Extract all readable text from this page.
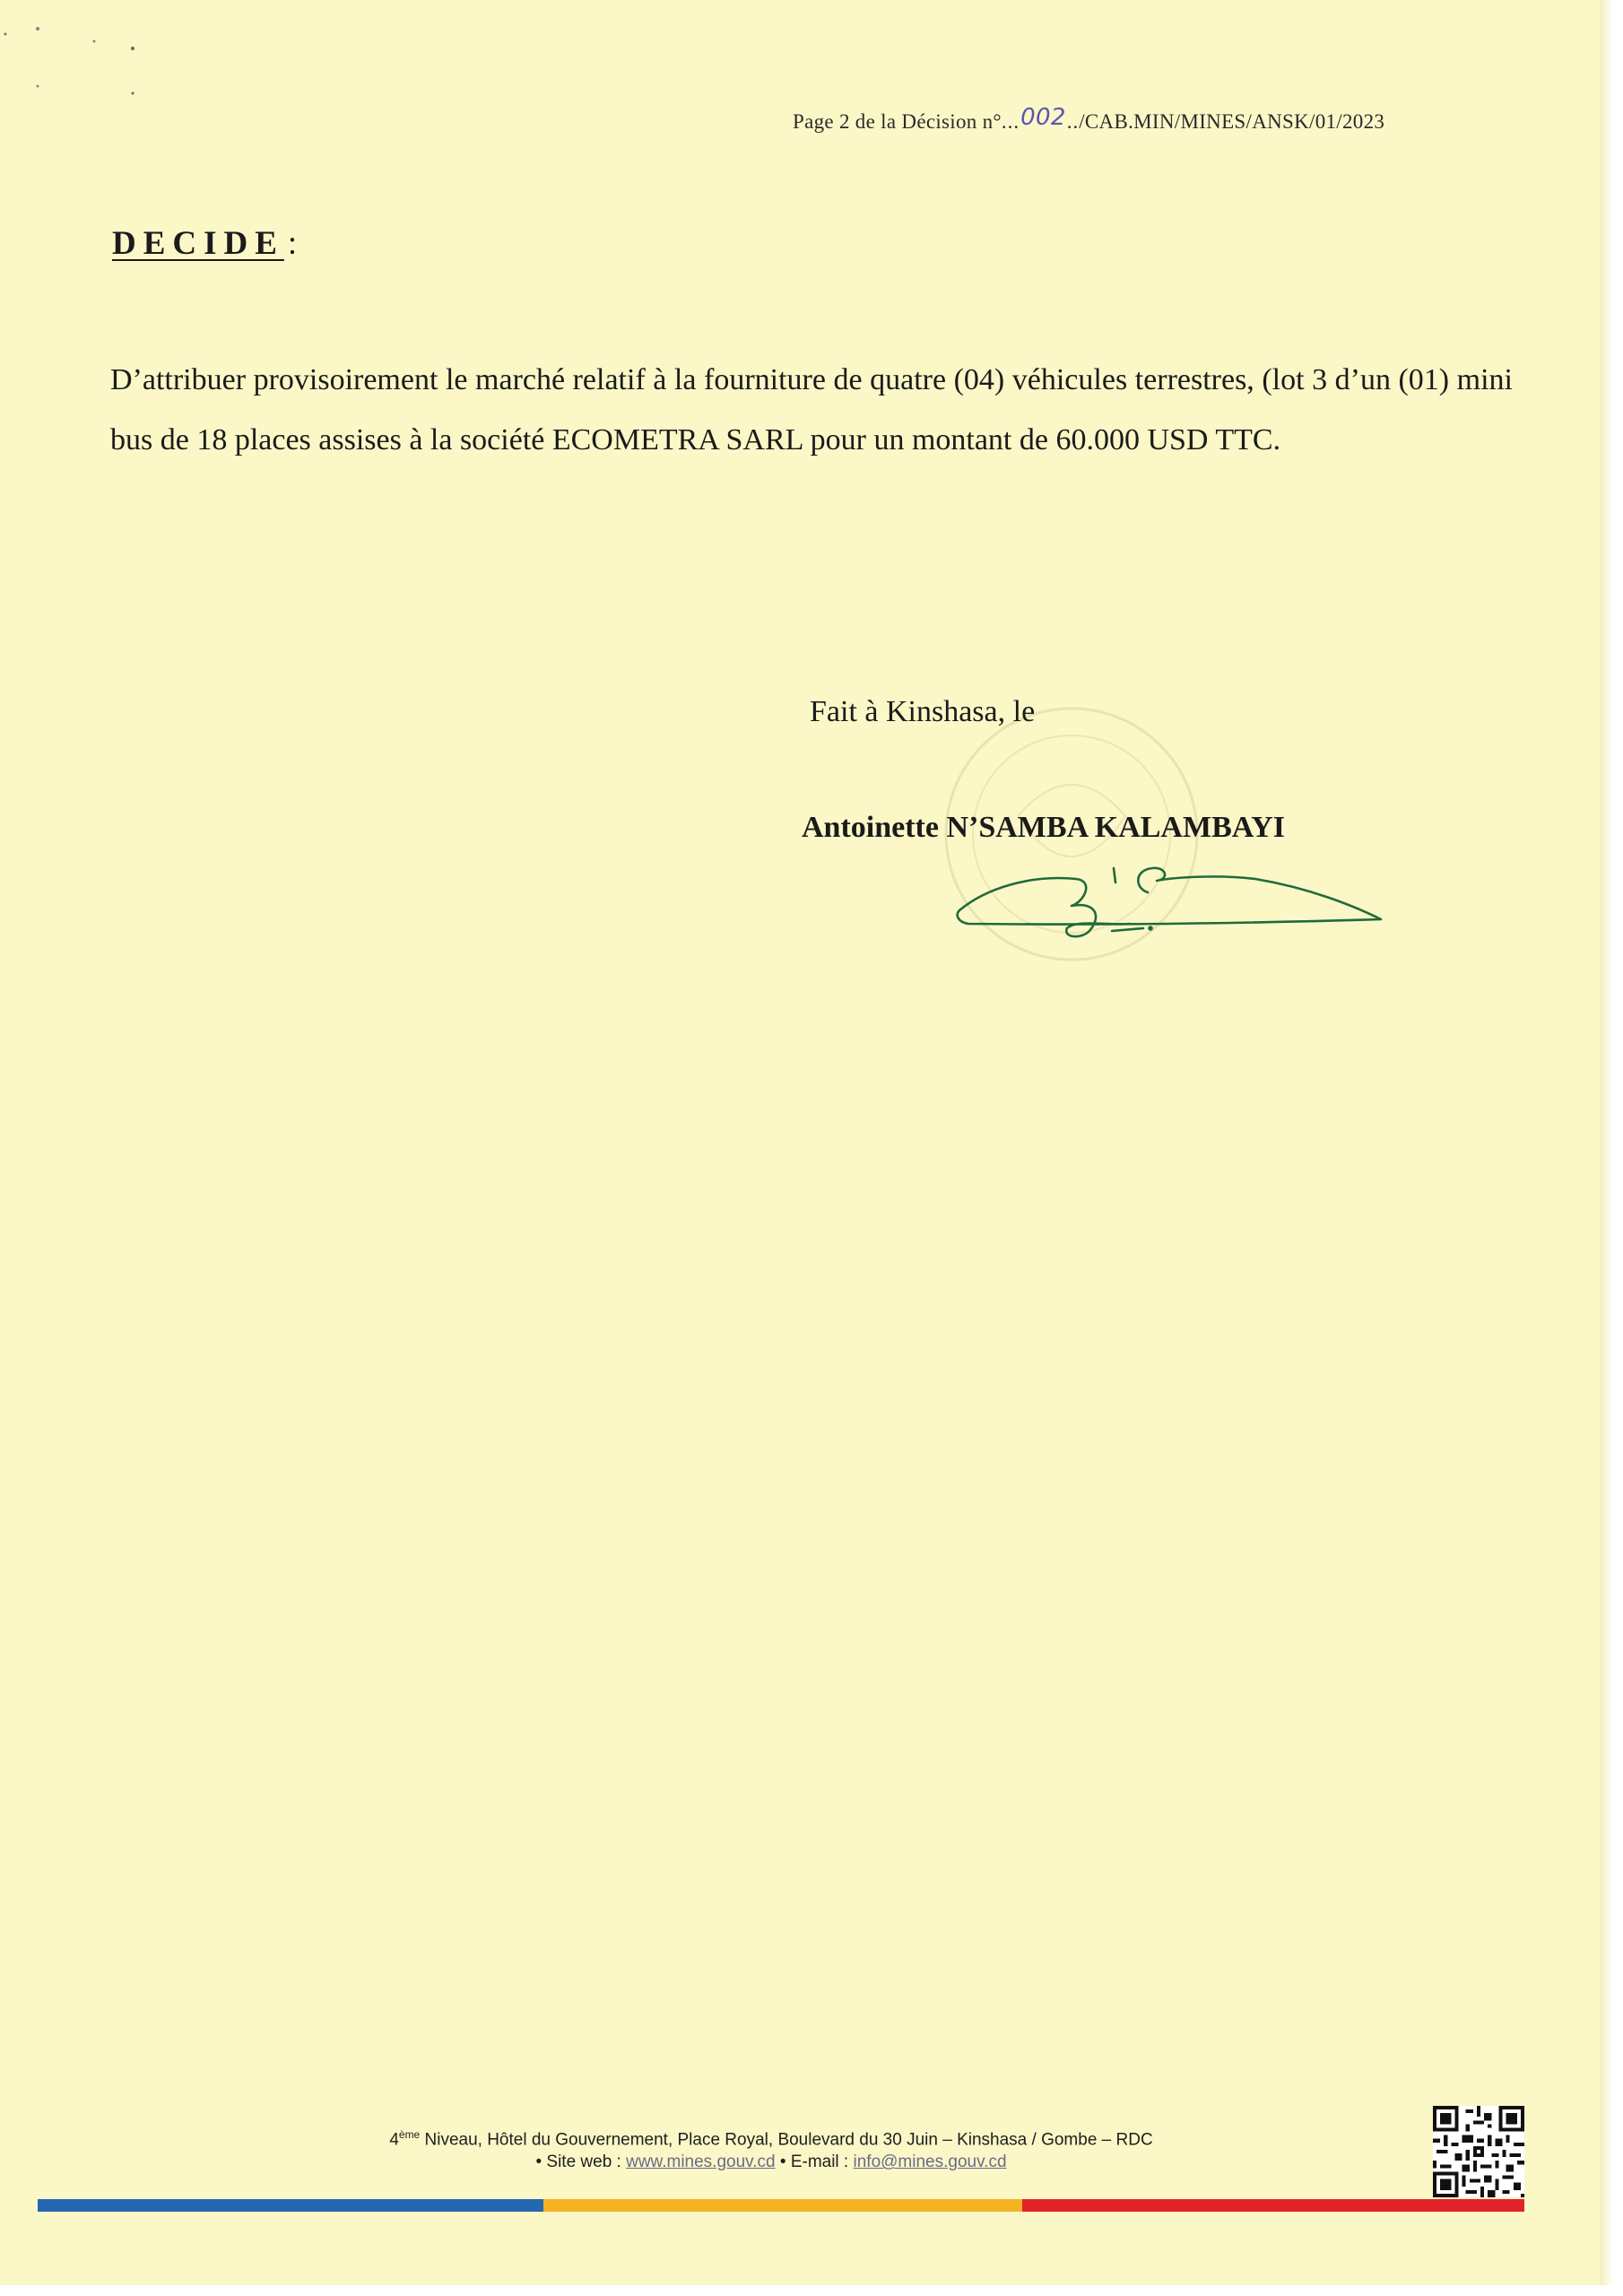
Page 2 de la Décision n°...002../CAB.MIN/MINES/ANSK/01/2023
DECIDE :

D’attribuer provisoirement le marché relatif à la fourniture de quatre (04) véhicules terrestres, (lot 3 d’un (01) mini bus de 18 places assises à la société ECOMETRA SARL pour un montant de 60.000 USD TTC.

Fait à Kinshasa, le
Antoinette N’SAMBA KALAMBAYI
4ème Niveau, Hôtel du Gouvernement, Place Royal, Boulevard du 30 Juin – Kinshasa / Gombe – RDC
• Site web : www.mines.gouv.cd • E-mail : info@mines.gouv.cd
